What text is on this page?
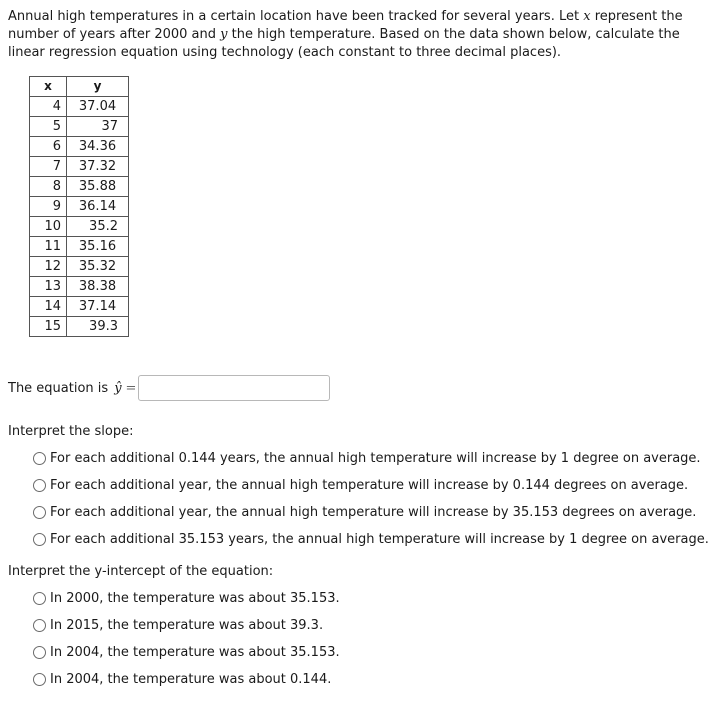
Annual high temperatures in a certain location have been tracked for several years. Let x represent the number of years after 2000 and y the high temperature. Based on the data shown below, calculate the linear regression equation using technology (each constant to three decimal places).

x	y
4	37.04
5	37
6	34.36
7	37.32
8	35.88
9	36.14
10	35.2
11	35.16
12	35.32
13	38.38
14	37.14
15	39.3
The equation is ŷ =
Interpret the slope:
For each additional 0.144 years, the annual high temperature will increase by 1 degree on average.
For each additional year, the annual high temperature will increase by 0.144 degrees on average.
For each additional year, the annual high temperature will increase by 35.153 degrees on average.
For each additional 35.153 years, the annual high temperature will increase by 1 degree on average.
Interpret the y-intercept of the equation:
In 2000, the temperature was about 35.153.
In 2015, the temperature was about 39.3.
In 2004, the temperature was about 35.153.
In 2004, the temperature was about 0.144.
